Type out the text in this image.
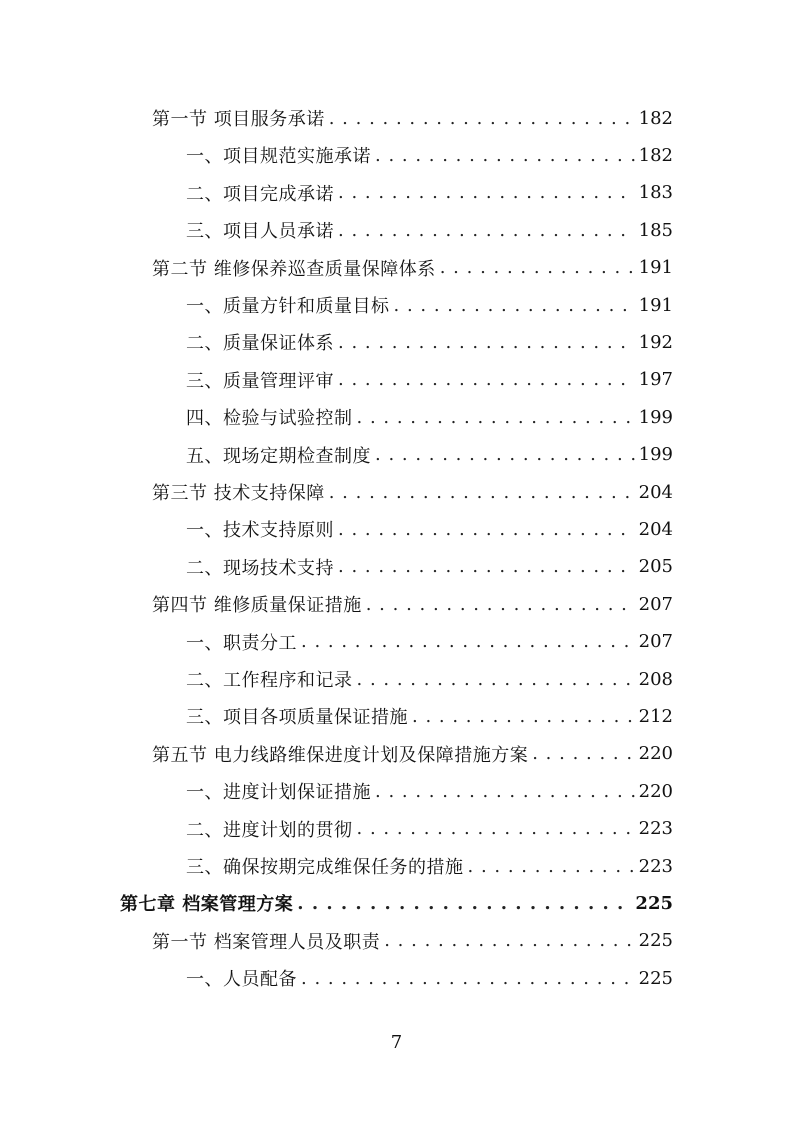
第一节 项目服务承诺 . . .	182
一、项目规范实施承诺 . . .	182
二、项目完成承诺 . . .	183
三、项目人员承诺 . . .	185
第二节 维修保养巡查质量保障体系 . . .	191
一、质量方针和质量目标 . . .	191
二、质量保证体系 . . .	192
三、质量管理评审 . . .	197
四、检验与试验控制 . . .	199
五、现场定期检查制度 . . .	199
第三节 技术支持保障 . . .	204
一、技术支持原则 . . .	204
二、现场技术支持 . . .	205
第四节 维修质量保证措施 . . .	207
一、职责分工 . . .	207
二、工作程序和记录 . . .	208
三、项目各项质量保证措施 . . .	212
第五节 电力线路维保进度计划及保障措施方案 . . .	220
一、进度计划保证措施 . . .	220
二、进度计划的贯彻 . . .	223
三、确保按期完成维保任务的措施 . . .	223
第七章 档案管理方案 . . .	225
第一节 档案管理人员及职责 . . .	225
一、人员配备 . . .	225
7
